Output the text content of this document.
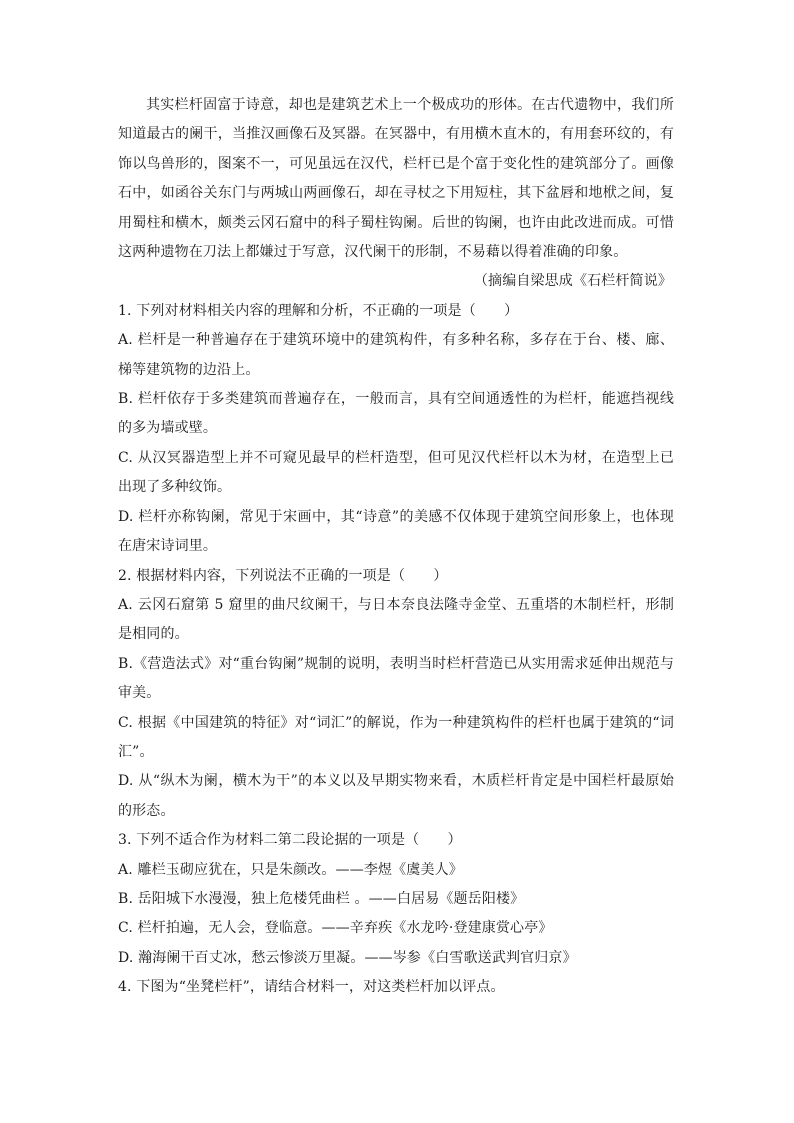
其实栏杆固富于诗意，却也是建筑艺术上一个极成功的形体。在古代遗物中，我们所知道最古的阑干，当推汉画像石及冥器。在冥器中，有用横木直木的，有用套环纹的，有饰以鸟兽形的，图案不一，可见虽远在汉代，栏杆已是个富于变化性的建筑部分了。画像石中，如函谷关东门与两城山两画像石，却在寻杖之下用短柱，其下盆唇和地栿之间，复用蜀柱和横木，颇类云冈石窟中的科子蜀柱钩阑。后世的钩阑，也许由此改进而成。可惜这两种遗物在刀法上都嫌过于写意，汉代阑干的形制，不易藉以得着准确的印象。

（摘编自梁思成《石栏杆简说》

1. 下列对材料相关内容的理解和分析，不正确的一项是（　　）

A. 栏杆是一种普遍存在于建筑环境中的建筑构件，有多种名称，多存在于台、楼、廊、梯等建筑物的边沿上。

B. 栏杆依存于多类建筑而普遍存在，一般而言，具有空间通透性的为栏杆，能遮挡视线的多为墙或壁。

C. 从汉冥器造型上并不可窥见最早的栏杆造型，但可见汉代栏杆以木为材，在造型上已出现了多种纹饰。

D. 栏杆亦称钩阑，常见于宋画中，其“诗意”的美感不仅体现于建筑空间形象上，也体现在唐宋诗词里。

2. 根据材料内容，下列说法不正确的一项是（　　）

A. 云冈石窟第 5 窟里的曲尺纹阑干，与日本奈良法隆寺金堂、五重塔的木制栏杆，形制是相同的。

B.《营造法式》对“重台钩阑”规制的说明，表明当时栏杆营造已从实用需求延伸出规范与审美。

C. 根据《中国建筑的特征》对“词汇”的解说，作为一种建筑构件的栏杆也属于建筑的“词汇”。

D. 从“纵木为阑，横木为干”的本义以及早期实物来看，木质栏杆肯定是中国栏杆最原始的形态。

3. 下列不适合作为材料二第二段论据的一项是（　　）

A. 雕栏玉砌应犹在，只是朱颜改。——李煜《虞美人》

B. 岳阳城下水漫漫，独上危楼凭曲栏 。——白居易《题岳阳楼》

C. 栏杆拍遍，无人会，登临意。——辛弃疾《水龙吟·登建康赏心亭》

D. 瀚海阑干百丈冰，愁云惨淡万里凝。——岑参《白雪歌送武判官归京》

4. 下图为“坐凳栏杆”，请结合材料一，对这类栏杆加以评点。
